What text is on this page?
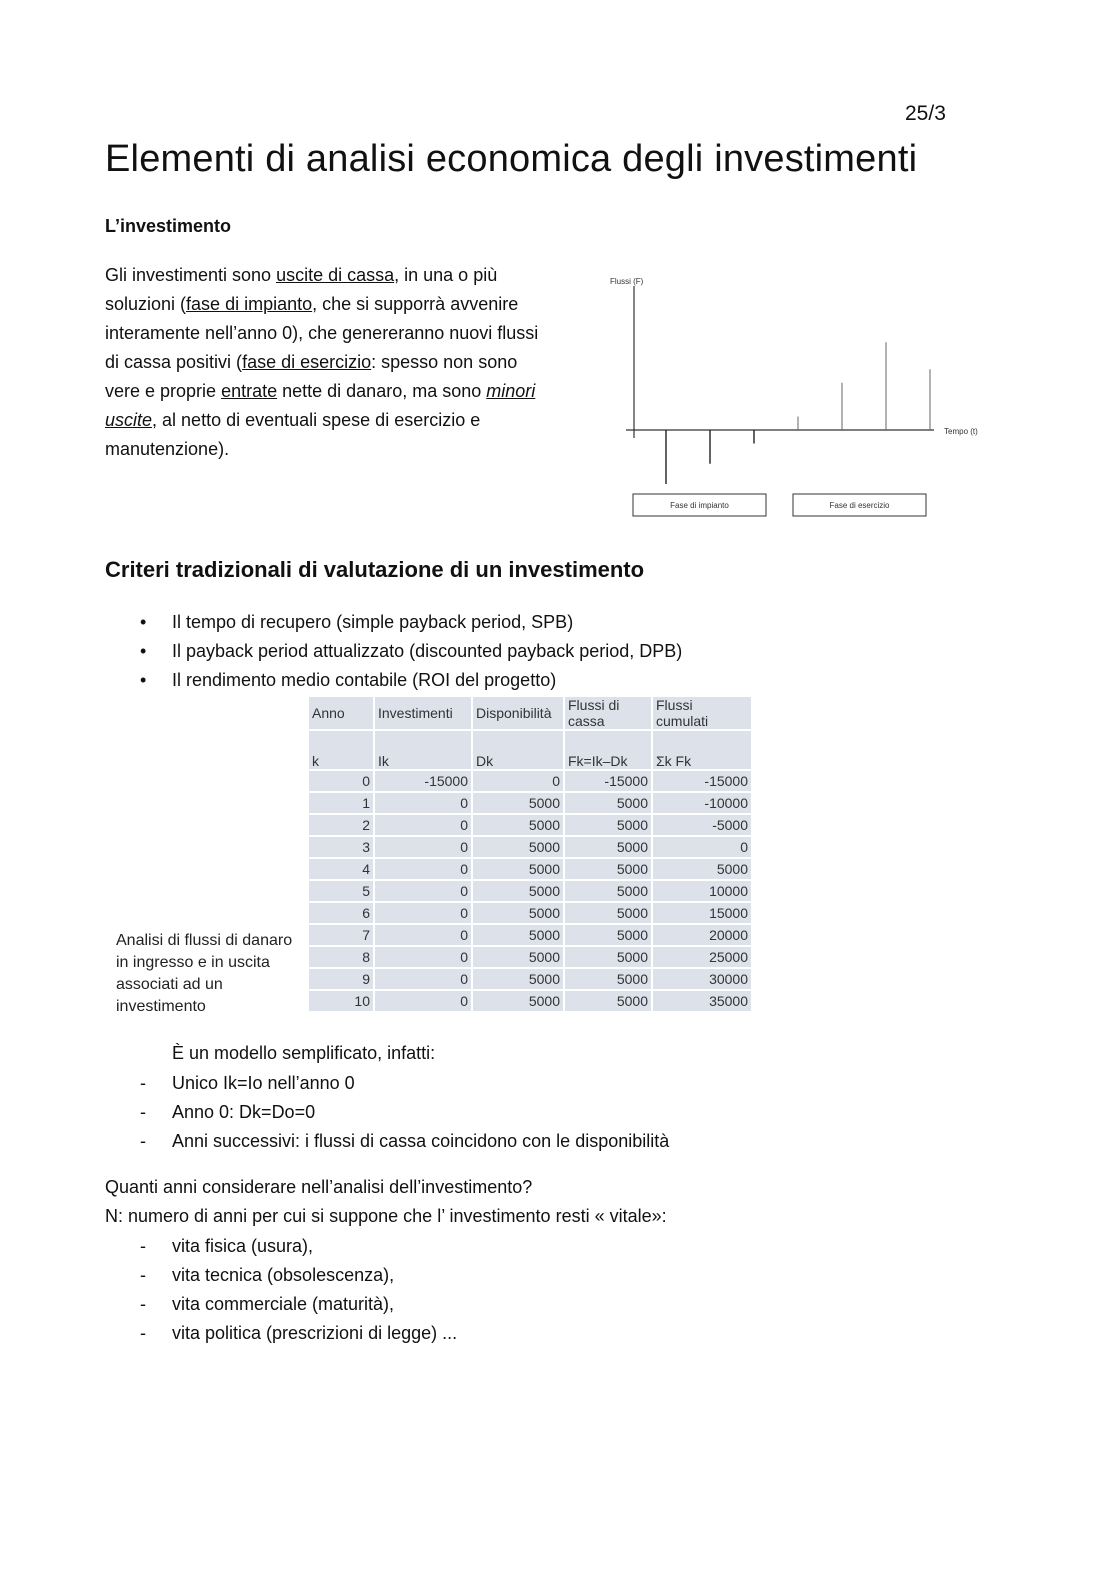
25/3
Elementi di analisi economica degli investimenti
L’investimento
Gli investimenti sono uscite di cassa, in una o più soluzioni (fase di impianto, che si supporrà avvenire interamente nell’anno 0), che genereranno nuovi flussi di cassa positivi (fase di esercizio: spesso non sono vere e proprie entrate nette di danaro, ma sono minori uscite, al netto di eventuali spese di esercizio e manutenzione).
Flussi (F)
Tempo (t)
Fase di impianto	Fase di esercizio
Criteri tradizionali di valutazione di un investimento
• Il tempo di recupero (simple payback period, SPB)
• Il payback period attualizzato (discounted payback period, DPB)
• Il rendimento medio contabile (ROI del progetto)
Anno	Investimenti	Disponibilità	Flussi di cassa	Flussi cumulati
k	Ik	Dk	Fk=Ik–Dk	Σk Fk
0	-15000	0	-15000	-15000
1	0	5000	5000	-10000
2	0	5000	5000	-5000
3	0	5000	5000	0
4	0	5000	5000	5000
5	0	5000	5000	10000
6	0	5000	5000	15000
7	0	5000	5000	20000
8	0	5000	5000	25000
9	0	5000	5000	30000
10	0	5000	5000	35000
Analisi di flussi di danaro in ingresso e in uscita associati ad un investimento
È un modello semplificato, infatti:
- Unico Ik=Io nell’anno 0
- Anno 0: Dk=Do=0
- Anni successivi: i flussi di cassa coincidono con le disponibilità
Quanti anni considerare nell’analisi dell’investimento?
N: numero di anni per cui si suppone che l’ investimento resti « vitale»:
- vita fisica (usura),
- vita tecnica (obsolescenza),
- vita commerciale (maturità),
- vita politica (prescrizioni di legge) ...
